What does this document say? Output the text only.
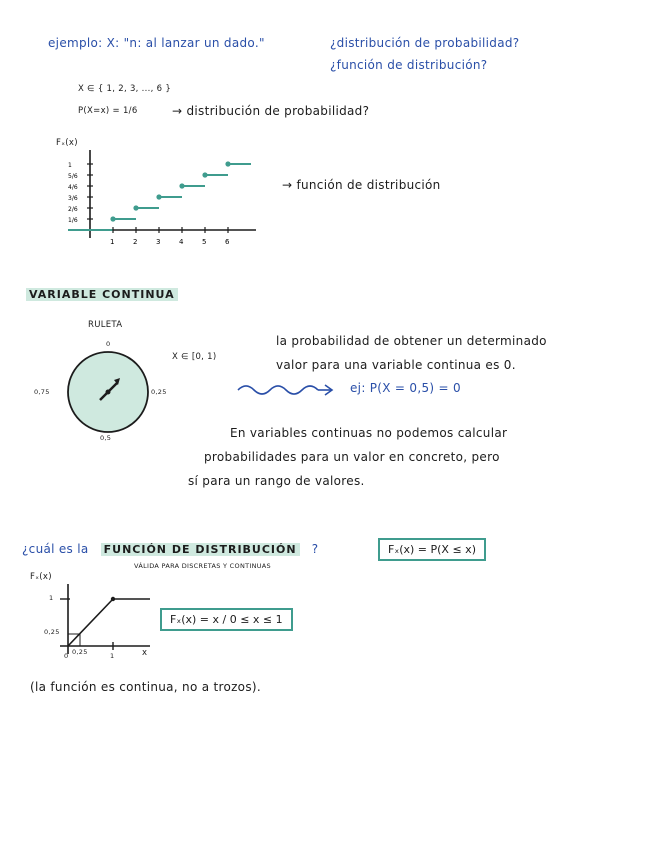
ejemplo: X: "n: al lanzar un dado."	¿distribución de probabilidad?
¿función de distribución?
X ∈ { 1, 2, 3, ..., 6 }
P(X=x) = 1/6	→ distribución de probabilidad?
Fₓ(x)
→ función de distribución
1/6
2/6
3/6
4/6
5/6
1
1	2	3	4	5	6
VARIABLE CONTINUA
RULETA
0
0,25
0,5
0,75
X ∈ [0, 1)
la probabilidad de obtener un determinado
valor para una variable continua es 0.
ej: P(X = 0,5) = 0
En variables continuas no podemos calcular
probabilidades para un valor en concreto, pero
sí para un rango de valores.
¿cuál es la FUNCIÓN DE DISTRIBUCIÓN ?	Fₓ(x) = P(X ≤ x)
VÁLIDA PARA DISCRETAS Y CONTINUAS
Fₓ(x)
1
0,25
0 0,25	1	x
Fₓ(x) = x / 0 ≤ x ≤ 1
(la función es continua, no a trozos).
